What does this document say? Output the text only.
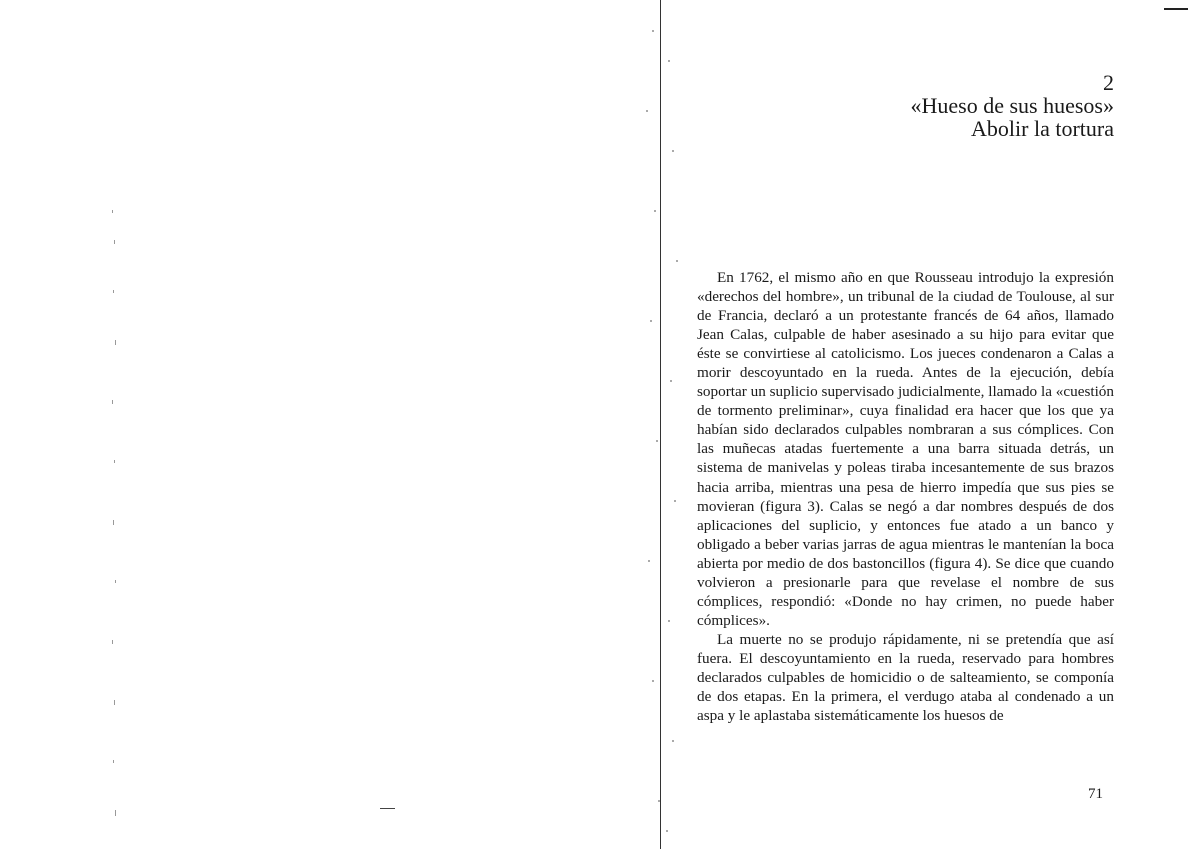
2
«Hueso de sus huesos»
Abolir la tortura

En 1762, el mismo año en que Rousseau introdujo la expresión «derechos del hombre», un tribunal de la ciudad de Toulouse, al sur de Francia, declaró a un protestante francés de 64 años, llamado Jean Calas, culpable de haber asesinado a su hijo para evitar que éste se convirtiese al catolicismo. Los jueces condenaron a Calas a morir descoyuntado en la rueda. Antes de la ejecución, debía soportar un suplicio supervisado judicialmente, llamado la «cuestión de tormento preliminar», cuya finalidad era hacer que los que ya habían sido declarados culpables nombraran a sus cómplices. Con las muñecas atadas fuertemente a una barra situada detrás, un sistema de manivelas y poleas tiraba incesantemente de sus brazos hacia arriba, mientras una pesa de hierro impedía que sus pies se movieran (figura 3). Calas se negó a dar nombres después de dos aplicaciones del suplicio, y entonces fue atado a un banco y obligado a beber varias jarras de agua mientras le mantenían la boca abierta por medio de dos bastoncillos (figura 4). Se dice que cuando volvieron a presionarle para que revelase el nombre de sus cómplices, respondió: «Donde no hay crimen, no puede haber cómplices».

La muerte no se produjo rápidamente, ni se pretendía que así fuera. El descoyuntamiento en la rueda, reservado para hombres declarados culpables de homicidio o de salteamiento, se componía de dos etapas. En la primera, el verdugo ataba al condenado a un aspa y le aplastaba sistemáticamente los huesos de

71
